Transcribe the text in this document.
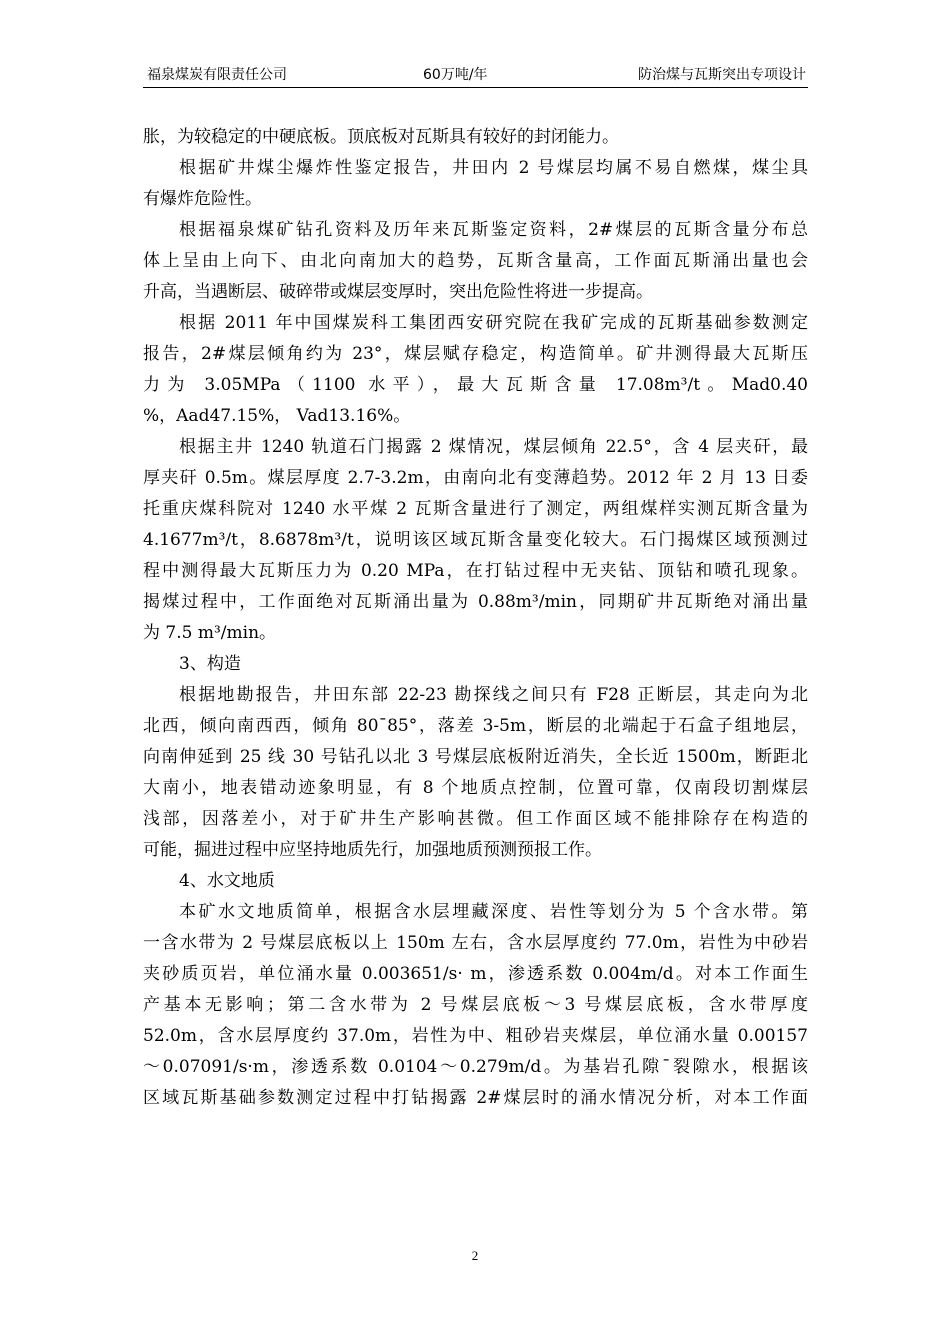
福泉煤炭有限责任公司	60万吨/年	防治煤与瓦斯突出专项设计
胀，为较稳定的中硬底板。顶底板对瓦斯具有较好的封闭能力。
根据矿井煤尘爆炸性鉴定报告，井田内 2 号煤层均属不易自燃煤，煤尘具
有爆炸危险性。
根据福泉煤矿钻孔资料及历年来瓦斯鉴定资料，2#煤层的瓦斯含量分布总
体上呈由上向下、由北向南加大的趋势，瓦斯含量高，工作面瓦斯涌出量也会
升高，当遇断层、破碎带或煤层变厚时，突出危险性将进一步提高。
根据 2011 年中国煤炭科工集团西安研究院在我矿完成的瓦斯基础参数测定
报告，2#煤层倾角约为 23°，煤层赋存稳定，构造简单。矿井测得最大瓦斯压
力为 3.05MPa（1100 水平），最大瓦斯含量 17.08m³/t。Mad0.40
%，Aad47.15%， Vad13.16%。
根据主井 1240 轨道石门揭露 2 煤情况，煤层倾角 22.5°，含 4 层夹矸，最
厚夹矸 0.5m。煤层厚度 2.7-3.2m，由南向北有变薄趋势。2012 年 2 月 13 日委
托重庆煤科院对 1240 水平煤 2 瓦斯含量进行了测定，两组煤样实测瓦斯含量为
4.1677m³/t，8.6878m³/t，说明该区域瓦斯含量变化较大。石门揭煤区域预测过
程中测得最大瓦斯压力为 0.20 MPa，在打钻过程中无夹钻、顶钻和喷孔现象。
揭煤过程中，工作面绝对瓦斯涌出量为 0.88m³/min，同期矿井瓦斯绝对涌出量
为 7.5 m³/min。
3、构造
根据地勘报告，井田东部 22-23 勘探线之间只有 F28 正断层，其走向为北
北西，倾向南西西，倾角 80¯85°，落差 3-5m，断层的北端起于石盒子组地层，
向南伸延到 25 线 30 号钻孔以北 3 号煤层底板附近消失，全长近 1500m，断距北
大南小，地表错动迹象明显，有 8 个地质点控制，位置可靠，仅南段切割煤层
浅部，因落差小，对于矿井生产影响甚微。但工作面区域不能排除存在构造的
可能，掘进过程中应坚持地质先行，加强地质预测预报工作。
4、水文地质
本矿水文地质简单，根据含水层埋藏深度、岩性等划分为 5 个含水带。第
一含水带为 2 号煤层底板以上 150m 左右，含水层厚度约 77.0m，岩性为中砂岩
夹砂质页岩，单位涌水量 0.003651/s· m，渗透系数 0.004m/d。对本工作面生
产基本无影响；第二含水带为 2 号煤层底板～3 号煤层底板，含水带厚度
52.0m，含水层厚度约 37.0m，岩性为中、粗砂岩夹煤层，单位涌水量 0.00157
～0.07091/s·m，渗透系数 0.0104～0.279m/d。为基岩孔隙¯裂隙水，根据该
区域瓦斯基础参数测定过程中打钻揭露 2#煤层时的涌水情况分析，对本工作面
2
